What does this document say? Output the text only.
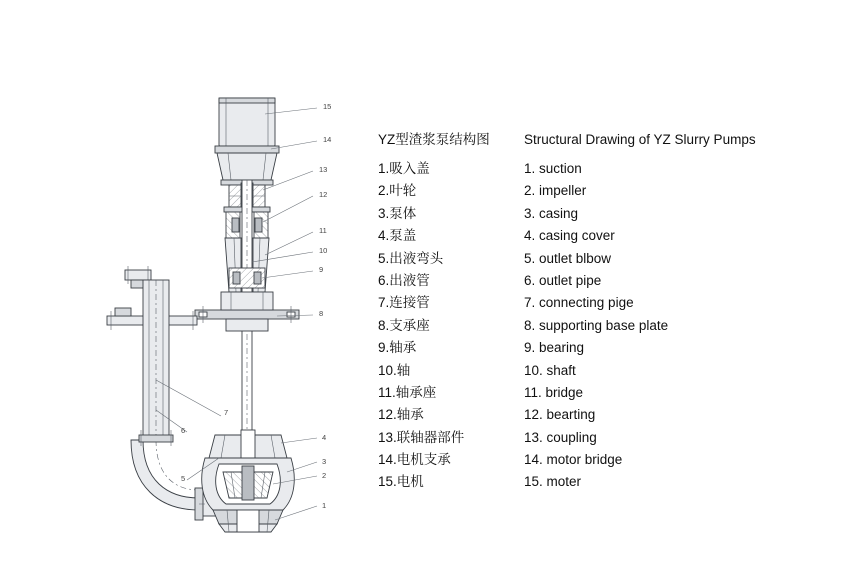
15
14
13
12
11
10
9
8
7
6
5
4
3
2
1
YZ型渣浆泵结构图	Structural Drawing of YZ Slurry Pumps
1.吸入盖	1. suction
2.叶轮	2. impeller
3.泵体	3. casing
4.泵盖	4. casing cover
5.出液弯头	5. outlet blbow
6.出液管	6. outlet pipe
7.连接管	7. connecting pige
8.支承座	8. supporting base plate
9.轴承	9. bearing
10.轴	10. shaft
11.轴承座	11. bridge
12.轴承	12. bearting
13.联轴器部件	13. coupling
14.电机支承	14. motor bridge
15.电机	15. moter
